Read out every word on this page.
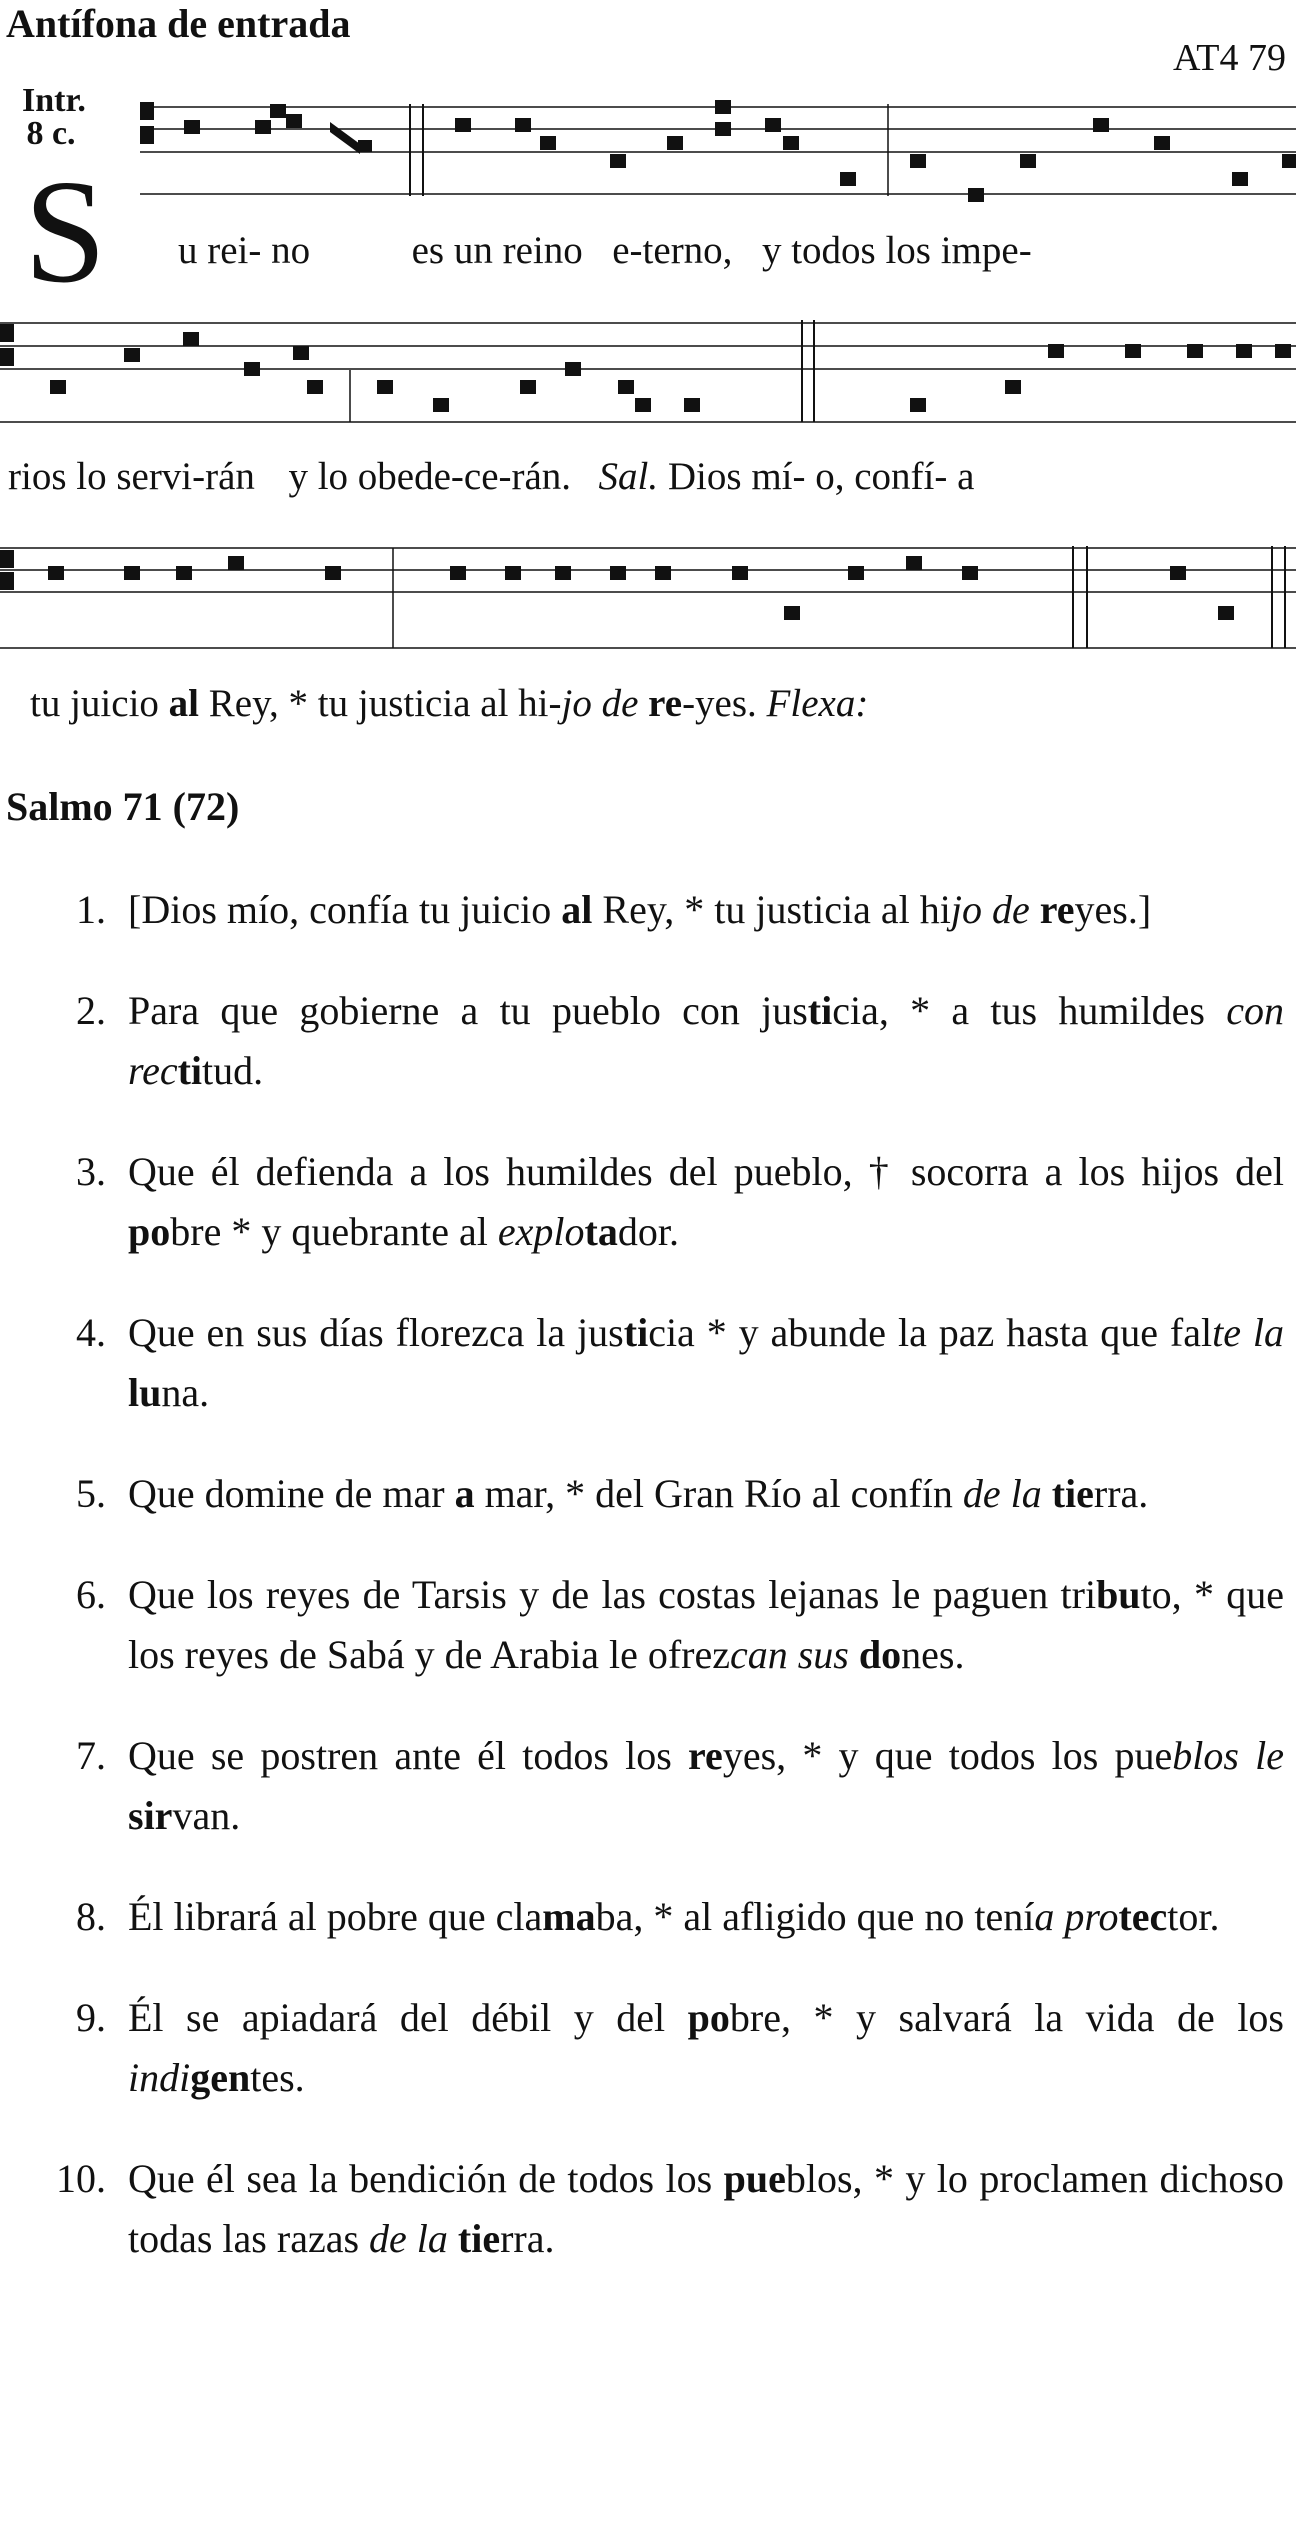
Antífona de entrada
AT4 79
Intr.
8 c.
S u rei- no	es un reino e-terno, y todos los impe-
rios lo servi-rán y lo obede-ce-rán. Sal. Dios mí- o, confí- a
tu juicio al Rey, * tu justicia al hi-jo de re-yes. Flexa:
Salmo 71 (72)
1. [Dios mío, confía tu juicio al Rey, * tu justicia al hijo de reyes.]
2. Para que gobierne a tu pueblo con justicia, * a tus humildes con rectitud.
3. Que él defienda a los humildes del pueblo, † socorra a los hijos del pobre * y quebrante al explotador.
4. Que en sus días florezca la justicia * y abunde la paz hasta que falte la luna.
5. Que domine de mar a mar, * del Gran Río al confín de la tierra.
6. Que los reyes de Tarsis y de las costas lejanas le paguen tributo, * que los reyes de Sabá y de Arabia le ofrezcan sus dones.
7. Que se postren ante él todos los reyes, * y que todos los pueblos le sirvan.
8. Él librará al pobre que clamaba, * al afligido que no tenía protector.
9. Él se apiadará del débil y del pobre, * y salvará la vida de los indigentes.
10. Que él sea la bendición de todos los pueblos, * y lo proclamen dichoso todas las razas de la tierra.
